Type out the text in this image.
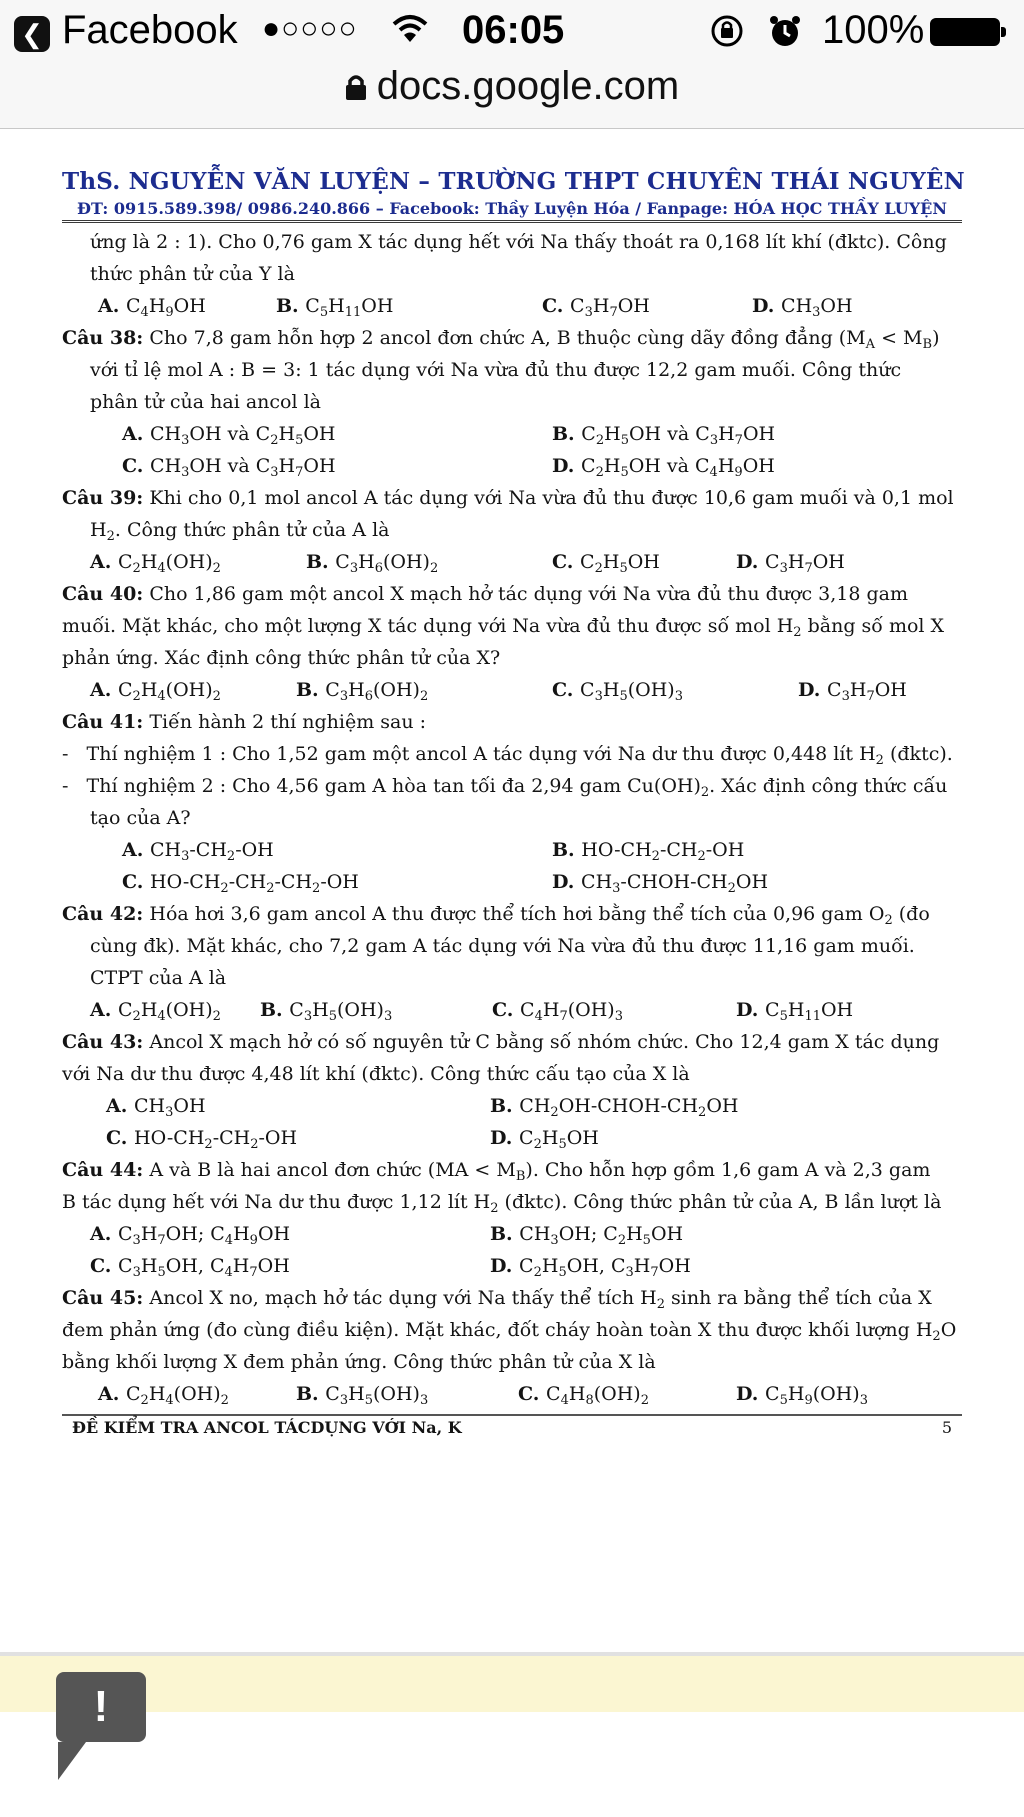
❮ Facebook ●○○○○	06:05	100%
docs.google.com
ThS. NGUYỄN VĂN LUYỆN – TRƯỜNG THPT CHUYÊN THÁI NGUYÊN
ĐT: 0915.589.398/ 0986.240.866 – Facebook: Thầy Luyện Hóa / Fanpage: HÓA HỌC THẦY LUYỆN
ứng là 2 : 1). Cho 0,76 gam X tác dụng hết với Na thấy thoát ra 0,168 lít khí (đktc). Công
thức phân tử của Y là
A. $C_4H_9OH$	B. $C_5H_{11}OH$	C. $C_3H_7OH$	D. $CH_3OH$
Câu 38: Cho 7,8 gam hỗn hợp 2 ancol đơn chức A, B thuộc cùng dãy đồng đẳng $(M_A < M_B)$
với tỉ lệ mol A : B = 3: 1 tác dụng với Na vừa đủ thu được 12,2 gam muối. Công thức
phân tử của hai ancol là
A. $CH_3OH$ và $C_2H_5OH$	B. $C_2H_5OH$ và $C_3H_7OH$
C. $CH_3OH$ và $C_3H_7OH$	D. $C_2H_5OH$ và $C_4H_9OH$
Câu 39: Khi cho 0,1 mol ancol A tác dụng với Na vừa đủ thu được 10,6 gam muối và 0,1 mol
$H_2$. Công thức phân tử của A là
A. $C_2H_4(OH)_2$	B. $C_3H_6(OH)_2$	C. $C_2H_5OH$	D. $C_3H_7OH$
Câu 40: Cho 1,86 gam một ancol X mạch hở tác dụng với Na vừa đủ thu được 3,18 gam
muối. Mặt khác, cho một lượng X tác dụng với Na vừa đủ thu được số mol $H_2$ bằng số mol X
phản ứng. Xác định công thức phân tử của X?
A. $C_2H_4(OH)_2$	B. $C_3H_6(OH)_2$	C. $C_3H_5(OH)_3$	D. $C_3H_7OH$
Câu 41: Tiến hành 2 thí nghiệm sau :
-   Thí nghiệm 1 : Cho 1,52 gam một ancol A tác dụng với Na dư thu được 0,448 lít $H_2$ (đktc).
-   Thí nghiệm 2 : Cho 4,56 gam A hòa tan tối đa 2,94 gam $Cu(OH)_2$. Xác định công thức cấu
tạo của A?
A. $CH_3-CH_2-OH$	B. $HO-CH_2-CH_2-OH$
C. $HO-CH_2-CH_2-CH_2-OH$	D. $CH_3-CHOH-CH_2OH$
Câu 42: Hóa hơi 3,6 gam ancol A thu được thể tích hơi bằng thể tích của 0,96 gam $O_2$ (đo
cùng đk). Mặt khác, cho 7,2 gam A tác dụng với Na vừa đủ thu được 11,16 gam muối.
CTPT của A là
A. $C_2H_4(OH)_2$ B. $C_3H_5(OH)_3$	C. $C_4H_7(OH)_3$	D. $C_5H_{11}OH$
Câu 43: Ancol X mạch hở có số nguyên tử C bằng số nhóm chức. Cho 12,4 gam X tác dụng
với Na dư thu được 4,48 lít khí (đktc). Công thức cấu tạo của X là
A. $CH_3OH$	B. $CH_2OH-CHOH-CH_2OH$
C. $HO-CH_2-CH_2-OH$	D. $C_2H_5OH$
Câu 44: A và B là hai ancol đơn chức $(MA < M_B)$. Cho hỗn hợp gồm 1,6 gam A và 2,3 gam
B tác dụng hết với Na dư thu được 1,12 lít $H_2$ (đktc). Công thức phân tử của A, B lần lượt là
A. $C_3H_7OH$; $C_4H_9OH$	B. $CH_3OH$; $C_2H_5OH$
C. $C_3H_5OH$, $C_4H_7OH$	D. $C_2H_5OH$, $C_3H_7OH$
Câu 45: Ancol X no, mạch hở tác dụng với Na thấy thể tích $H_2$ sinh ra bằng thể tích của X
đem phản ứng (đo cùng điều kiện). Mặt khác, đốt cháy hoàn toàn X thu được khối lượng $H_2O$
bằng khối lượng X đem phản ứng. Công thức phân tử của X là
A. $C_2H_4(OH)_2$	B. $C_3H_5(OH)_3$	C. $C_4H_8(OH)_2$	D. $C_5H_9(OH)_3$
ĐỀ KIỂM TRA ANCOL TÁCDỤNG VỚI Na, K	5
!
